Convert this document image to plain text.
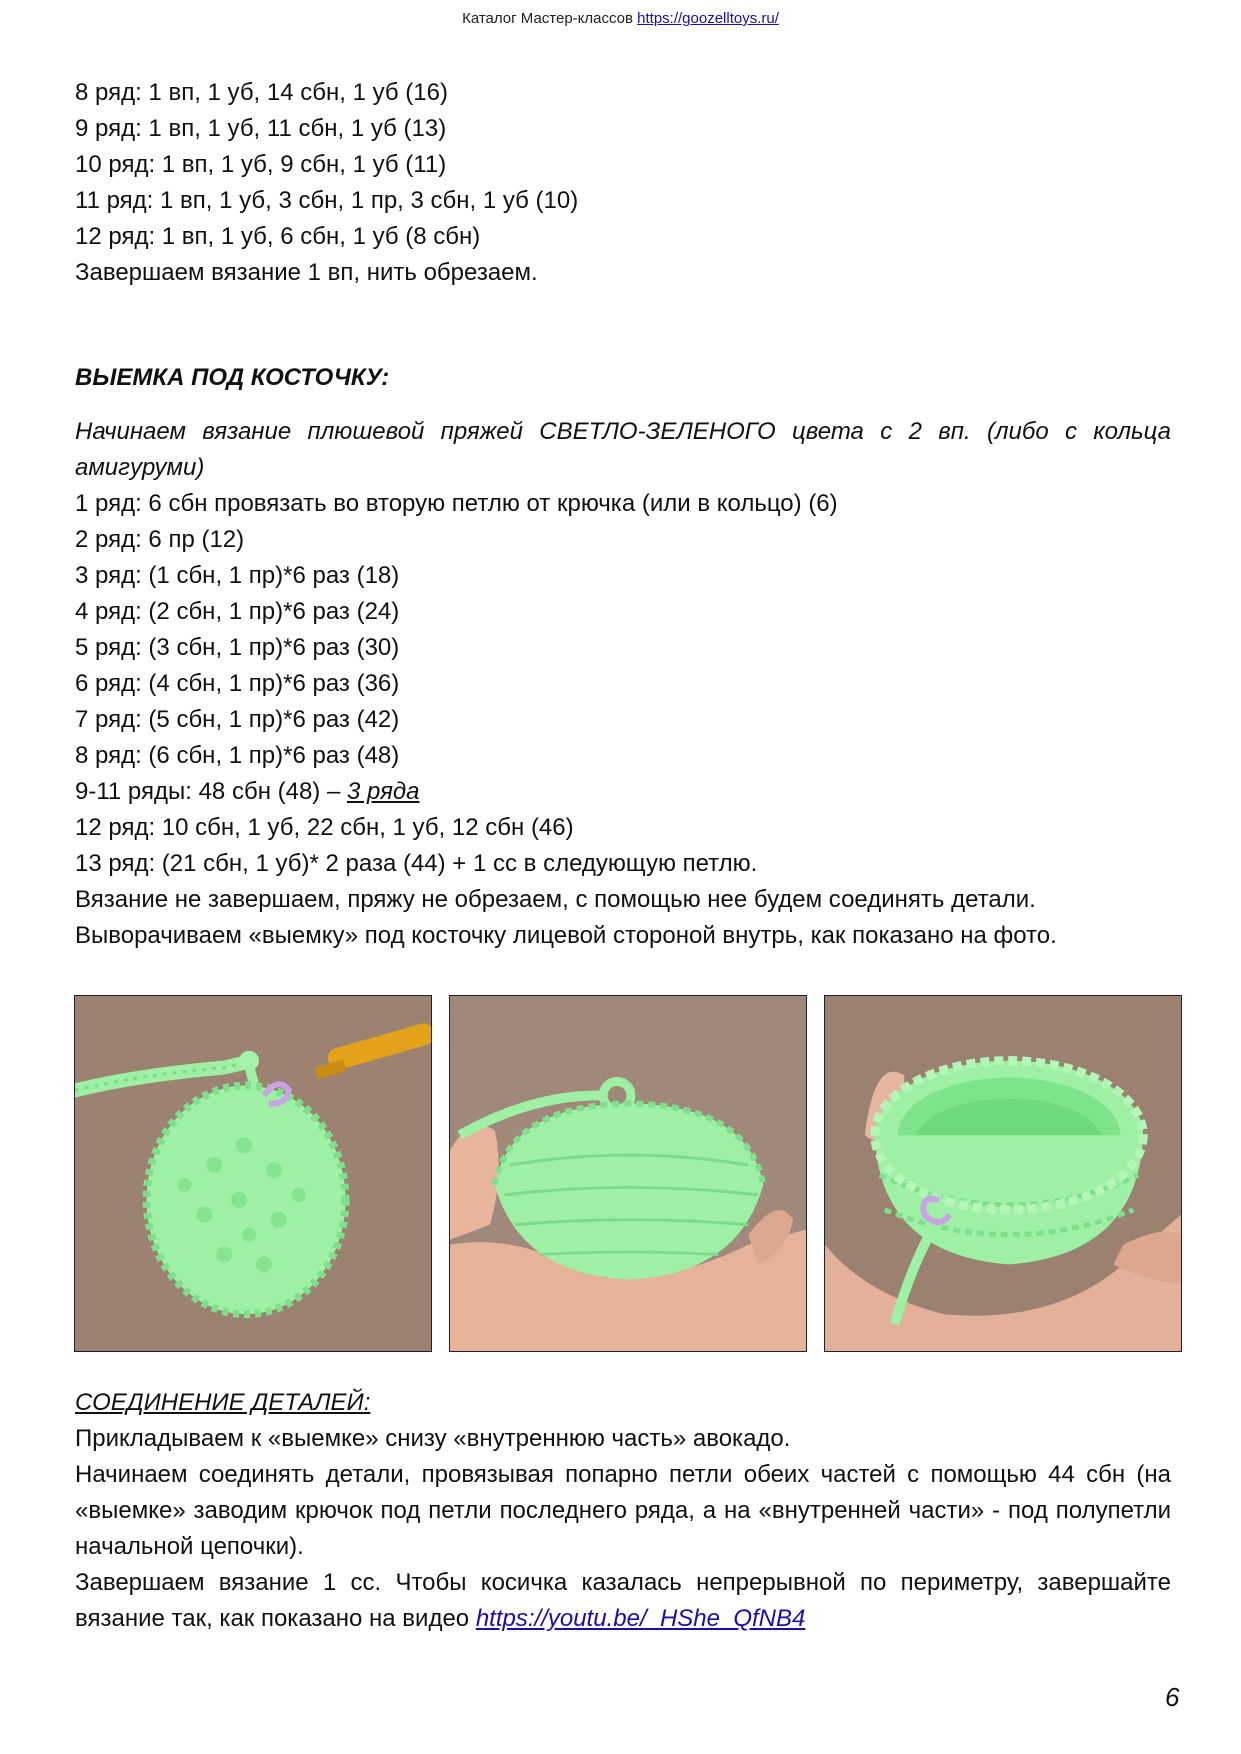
Каталог Мастер-классов https://goozelltoys.ru/
8 ряд: 1 вп, 1 уб, 14 сбн, 1 уб (16)
9 ряд: 1 вп, 1 уб, 11 сбн, 1 уб (13)
10 ряд: 1 вп, 1 уб, 9 сбн, 1 уб (11)
11 ряд: 1 вп, 1 уб, 3 сбн, 1 пр, 3 сбн, 1 уб (10)
12 ряд: 1 вп, 1 уб, 6 сбн, 1 уб (8 сбн)
Завершаем вязание 1 вп, нить обрезаем.
ВЫЕМКА ПОД КОСТОЧКУ:
Начинаем вязание плюшевой пряжей СВЕТЛО-ЗЕЛЕНОГО цвета с 2 вп. (либо с кольца амигуруми)
1 ряд: 6 сбн провязать во вторую петлю от крючка (или в кольцо) (6)
2 ряд: 6 пр (12)
3 ряд: (1 сбн, 1 пр)*6 раз (18)
4 ряд: (2 сбн, 1 пр)*6 раз (24)
5 ряд: (3 сбн, 1 пр)*6 раз (30)
6 ряд: (4 сбн, 1 пр)*6 раз (36)
7 ряд: (5 сбн, 1 пр)*6 раз (42)
8 ряд: (6 сбн, 1 пр)*6 раз (48)
9-11 ряды: 48 сбн (48) – 3 ряда
12 ряд: 10 сбн, 1 уб, 22 сбн, 1 уб, 12 сбн (46)
13 ряд: (21 сбн, 1 уб)* 2 раза (44) + 1 сс в следующую петлю.
Вязание не завершаем, пряжу не обрезаем, с помощью нее будем соединять детали.
Выворачиваем «выемку» под косточку лицевой стороной внутрь, как показано на фото.
СОЕДИНЕНИЕ ДЕТАЛЕЙ:
Прикладываем к «выемке» снизу «внутреннюю часть» авокадо.
Начинаем соединять детали, провязывая попарно петли обеих частей с помощью 44 сбн (на «выемке» заводим крючок под петли последнего ряда, а на «внутренней части» - под полупетли начальной цепочки).
Завершаем вязание 1 сс. Чтобы косичка казалась непрерывной по периметру, завершайте вязание так, как показано на видео https://youtu.be/_HShe_QfNB4
6
